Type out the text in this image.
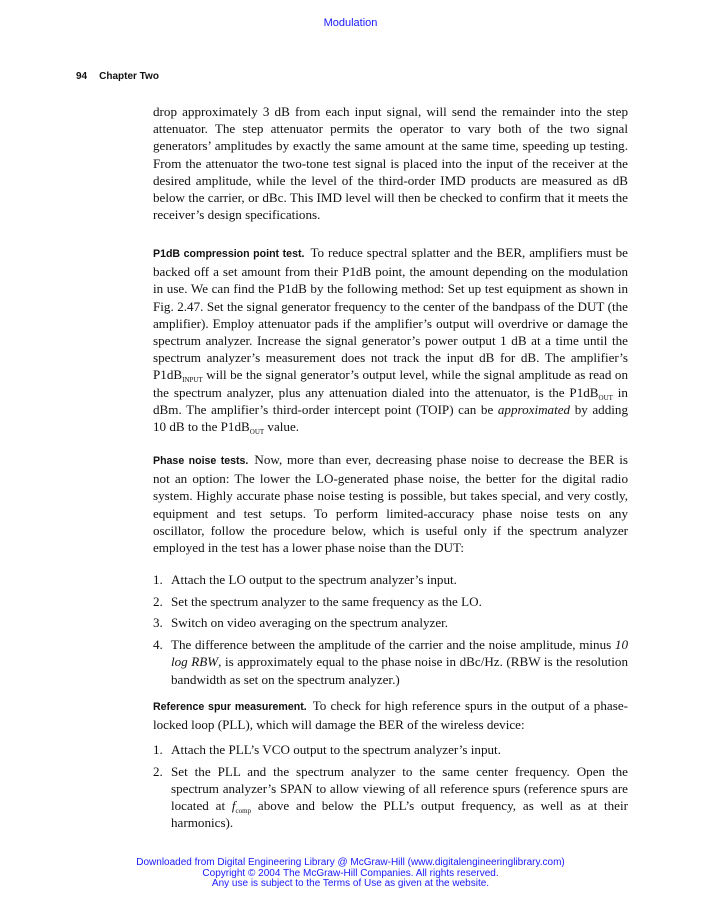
Modulation
94 Chapter Two

drop approximately 3 dB from each input signal, will send the remainder into the step attenuator. The step attenuator permits the operator to vary both of the two signal generators’ amplitudes by exactly the same amount at the same time, speeding up testing. From the attenuator the two-tone test signal is placed into the input of the receiver at the desired amplitude, while the level of the third-order IMD products are measured as dB below the carrier, or dBc. This IMD level will then be checked to confirm that it meets the receiver’s design specifications.

P1dB compression point test. To reduce spectral splatter and the BER, amplifiers must be backed off a set amount from their P1dB point, the amount depending on the modulation in use. We can find the P1dB by the following method: Set up test equipment as shown in Fig. 2.47. Set the signal generator frequency to the center of the bandpass of the DUT (the amplifier). Employ attenuator pads if the amplifier’s output will overdrive or damage the spectrum analyzer. Increase the signal generator’s power output 1 dB at a time until the spectrum analyzer’s measurement does not track the input dB for dB. The amplifier’s $P1dB_{INPUT}$ will be the signal generator’s output level, while the signal amplitude as read on the spectrum analyzer, plus any attenuation dialed into the attenuator, is the $P1dB_{OUT}$ in dBm. The amplifier’s third-order intercept point (TOIP) can be approximated by adding 10 dB to the $P1dB_{OUT}$ value.

Phase noise tests. Now, more than ever, decreasing phase noise to decrease the BER is not an option: The lower the LO-generated phase noise, the better for the digital radio system. Highly accurate phase noise testing is possible, but takes special, and very costly, equipment and test setups. To perform limited-accuracy phase noise tests on any oscillator, follow the procedure below, which is useful only if the spectrum analyzer employed in the test has a lower phase noise than the DUT:

1. Attach the LO output to the spectrum analyzer’s input.
2. Set the spectrum analyzer to the same frequency as the LO.
3. Switch on video averaging on the spectrum analyzer.
4. The difference between the amplitude of the carrier and the noise amplitude, minus 10 log RBW, is approximately equal to the phase noise in dBc/Hz. (RBW is the resolution bandwidth as set on the spectrum analyzer.)

Reference spur measurement. To check for high reference spurs in the output of a phase-locked loop (PLL), which will damage the BER of the wireless device:

1. Attach the PLL’s VCO output to the spectrum analyzer’s input.
2. Set the PLL and the spectrum analyzer to the same center frequency. Open the spectrum analyzer’s SPAN to allow viewing of all reference spurs (reference spurs are located at $f_{comp}$ above and below the PLL’s output frequency, as well as at their harmonics).
Downloaded from Digital Engineering Library @ McGraw-Hill (www.digitalengineeringlibrary.com)
Copyright © 2004 The McGraw-Hill Companies. All rights reserved.
Any use is subject to the Terms of Use as given at the website.
